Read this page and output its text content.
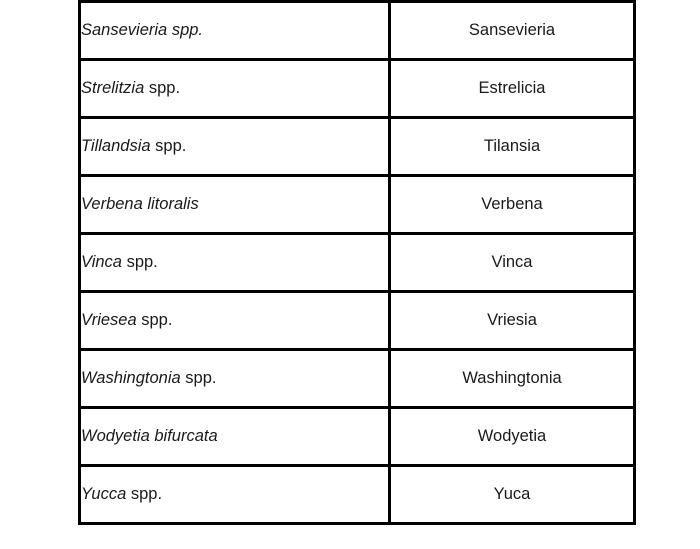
Sansevieria spp.	Sansevieria
Strelitzia spp.	Estrelicia
Tillandsia spp.	Tilansia
Verbena litoralis	Verbena
Vinca spp.	Vinca
Vriesea spp.	Vriesia
Washingtonia spp.	Washingtonia
Wodyetia bifurcata	Wodyetia
Yucca spp.	Yuca
